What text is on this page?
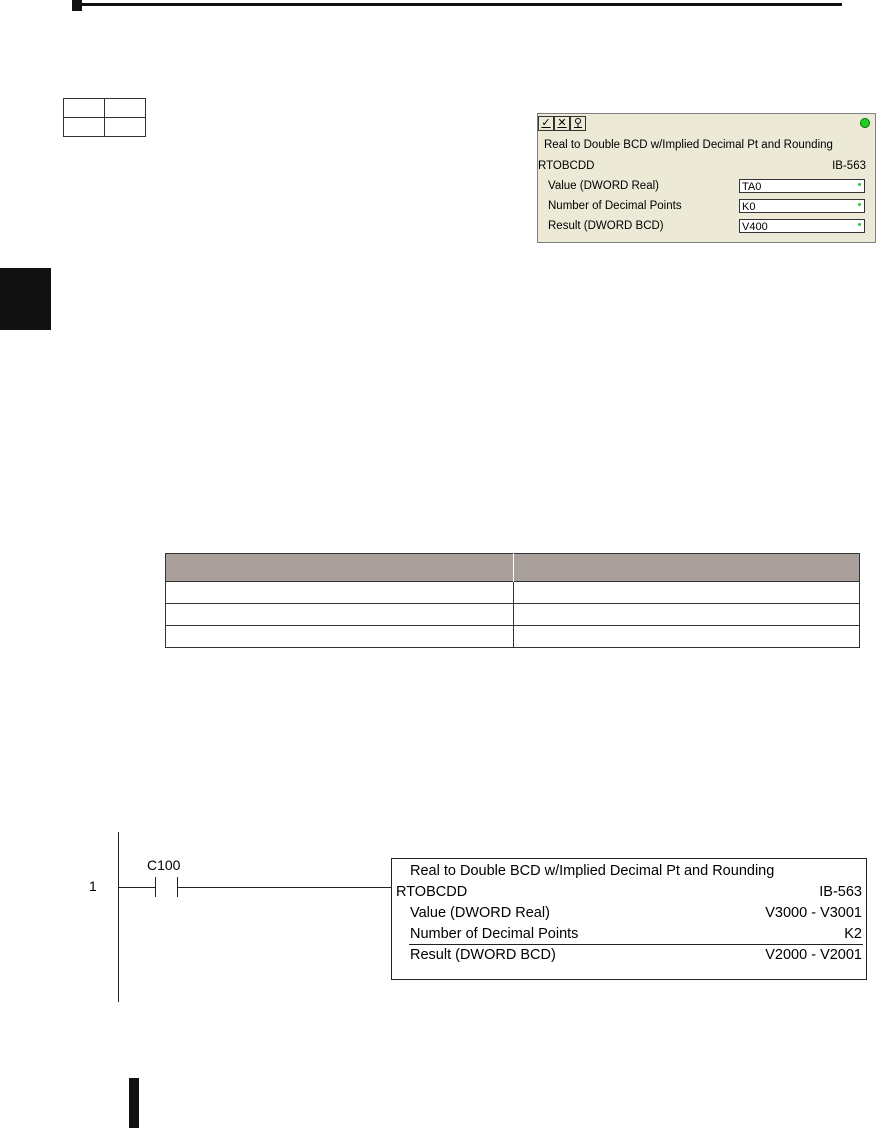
✓ ✕ ⚲
Real to Double BCD w/Implied Decimal Pt and Rounding
RTOBCDD	IB-563
Value (DWORD Real)	TA0
Number of Decimal Points	K0
Result (DWORD BCD)	V400

1
C100	Real to Double BCD w/Implied Decimal Pt and Rounding
RTOBCDD	IB-563
Value (DWORD Real)	V3000 - V3001
Number of Decimal Points	K2
Result (DWORD BCD)	V2000 - V2001
